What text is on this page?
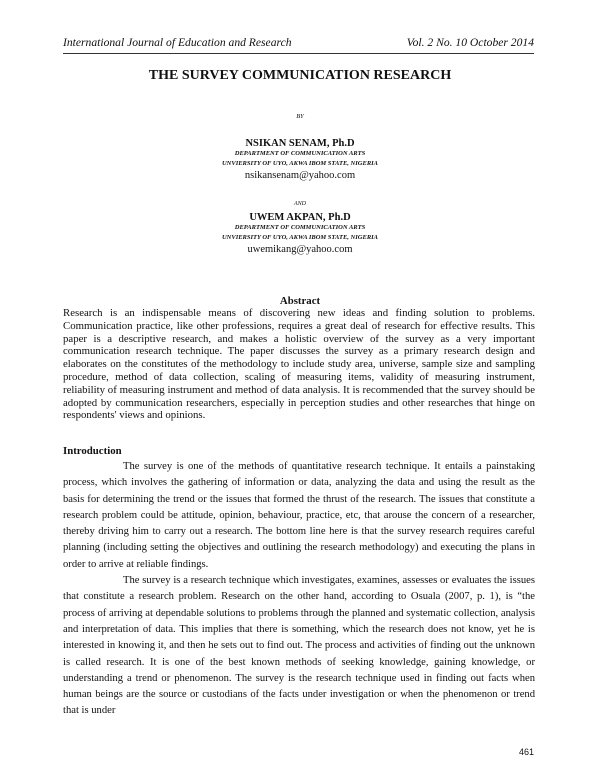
International Journal of Education and Research	Vol. 2 No. 10 October 2014
THE SURVEY COMMUNICATION RESEARCH
BY
NSIKAN SENAM, Ph.D
DEPARTMENT OF COMMUNICATION ARTS
UNVIERSITY OF UYO, AKWA IBOM STATE, NIGERIA
nsikansenam@yahoo.com
AND
UWEM AKPAN, Ph.D
DEPARTMENT OF COMMUNICATION ARTS
UNVIERSITY OF UYO, AKWA IBOM STATE, NIGERIA
uwemikang@yahoo.com
Abstract

Research is an indispensable means of discovering new ideas and finding solution to problems. Communication practice, like other professions, requires a great deal of research for effective results. This paper is a descriptive research, and makes a holistic overview of the survey as a very important communication research technique. The paper discusses the survey as a primary research design and elaborates on the constitutes of the methodology to include study area, universe, sample size and sampling procedure, method of data collection, scaling of measuring items, validity of measuring instrument, reliability of measuring instrument and method of data analysis. It is recommended that the survey should be adopted by communication researchers, especially in perception studies and other researches that hinge on respondents' views and opinions.

Introduction

The survey is one of the methods of quantitative research technique. It entails a painstaking process, which involves the gathering of information or data, analyzing the data and using the result as the basis for determining the trend or the issues that formed the thrust of the research. The issues that constitute a research problem could be attitude, opinion, behaviour, practice, etc, that arouse the concern of a researcher, thereby driving him to carry out a research. The bottom line here is that the survey research requires careful planning (including setting the objectives and outlining the research methodology) and executing the plans in order to arrive at reliable findings.

The survey is a research technique which investigates, examines, assesses or evaluates the issues that constitute a research problem. Research on the other hand, according to Osuala (2007, p. 1), is “the process of arriving at dependable solutions to problems through the planned and systematic collection, analysis and interpretation of data. This implies that there is something, which the research does not know, yet he is interested in knowing it, and then he sets out to find out. The process and activities of finding out the unknown is called research. It is one of the best known methods of seeking knowledge, gaining knowledge, or understanding a trend or phenomenon. The survey is the research technique used in finding out facts when human beings are the source or custodians of the facts under investigation or when the phenomenon or trend that is under

461
